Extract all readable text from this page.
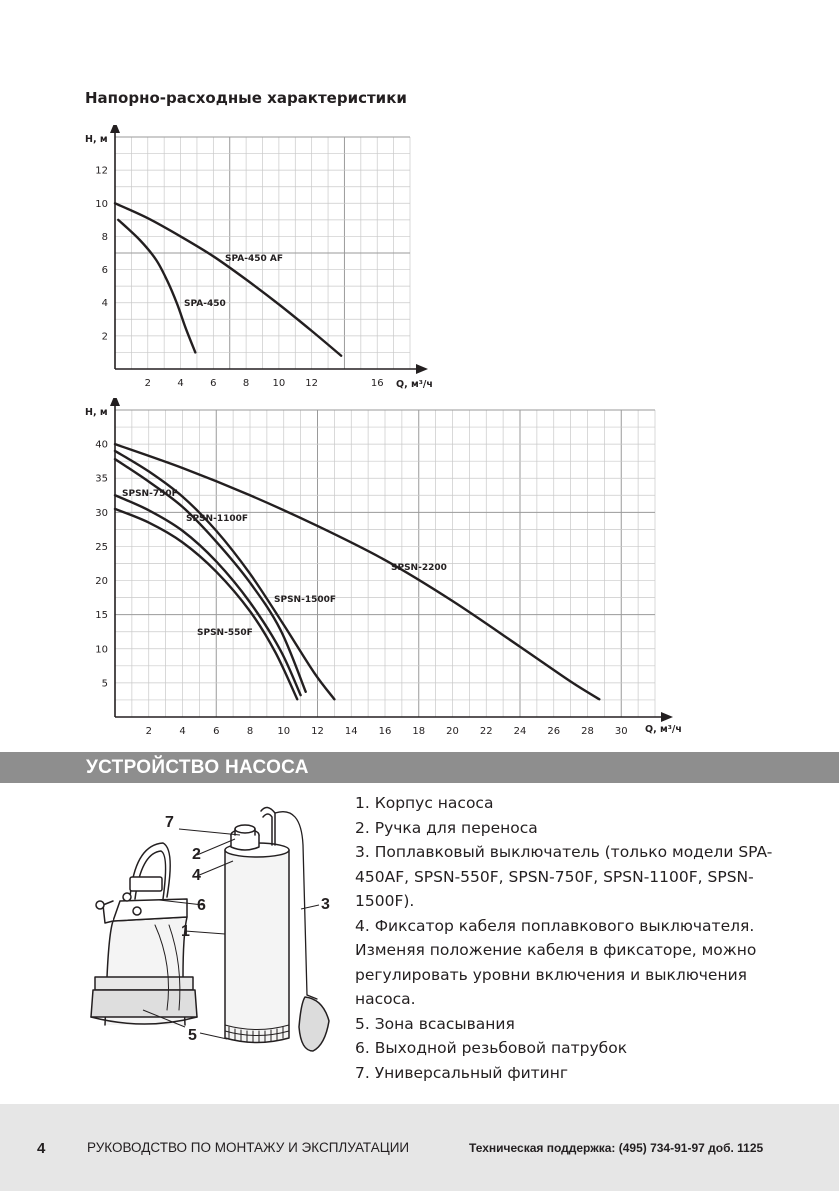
Напорно-расходные характеристики
2	4	6	8 10 12	16
2
4
6
8
10
12
H, м
Q, м³/ч
SPA-450 AF
SPA-450
2	4	6	8 10 12 14 16 18 20 22 24 26 28 30
5
10
15
20
25
30
35
40
H, м
Q, м³/ч
SPSN-2200
SPSN-1500F
SPSN-1100F
SPSN-750F
SPSN-550F
УСТРОЙСТВО НАСОСА
1
2
3
4
5
6
7
1. Корпус насоса
2. Ручка для переноса
3. Поплавковый выключатель (только модели SPA-450AF, SPSN-550F, SPSN-750F, SPSN-1100F, SPSN-1500F).
4. Фиксатор кабеля поплавкового выключателя. Изменяя положение кабеля в фиксаторе, можно регулировать уровни включения и выключения насоса.
5. Зона всасывания
6. Выходной резьбовой патрубок
7. Универсальный фитинг
4	РУКОВОДСТВО ПО МОНТАЖУ И ЭКСПЛУАТАЦИИ	Техническая поддержка: (495) 734-91-97 доб. 1125
